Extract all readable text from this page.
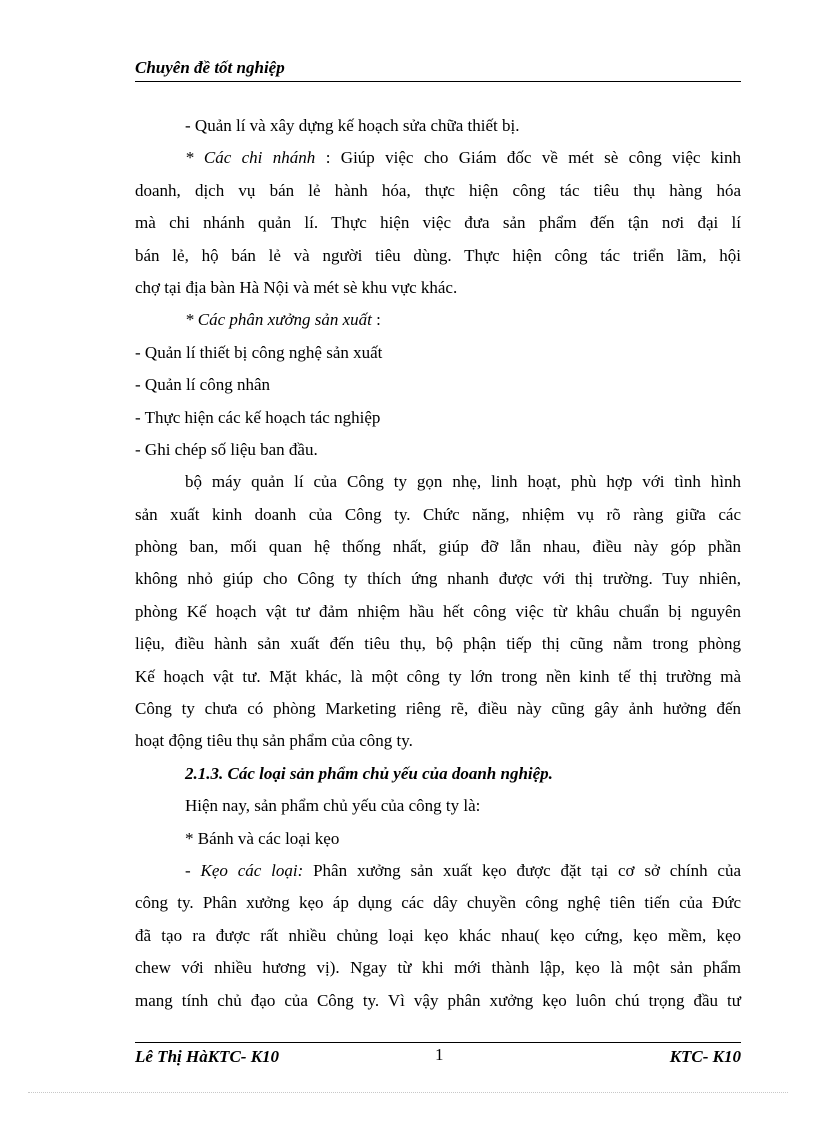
Chuyên đề tốt nghiệp
- Quản lí và xây dựng kế hoạch sửa chữa thiết bị.
* Các chi nhánh : Giúp việc cho Giám đốc về mét sè công việc kinh
doanh, dịch vụ bán lẻ hành hóa, thực hiện công tác tiêu thụ hàng hóa
mà chi nhánh quản lí. Thực hiện việc đưa sản phẩm đến tận nơi đại lí
bán lẻ, hộ bán lẻ và người tiêu dùng. Thực hiện công tác triển lãm, hội
chợ tại địa bàn Hà Nội và mét sè khu vực khác.
* Các phân xưởng sản xuất :
- Quản lí thiết bị công nghệ sản xuất
- Quản lí công nhân
- Thực hiện các kế hoạch tác nghiệp
- Ghi chép số liệu ban đầu.
bộ máy quản lí của Công ty gọn nhẹ, linh hoạt, phù hợp với tình hình
sản xuất kinh doanh của Công ty. Chức năng, nhiệm vụ rõ ràng giữa các
phòng ban, mối quan hệ thống nhất, giúp đỡ lẫn nhau, điều này góp phần
không nhỏ giúp cho Công ty thích ứng nhanh được với thị trường. Tuy nhiên,
phòng Kế hoạch vật tư đảm nhiệm hầu hết công việc từ khâu chuẩn bị nguyên
liệu, điều hành sản xuất đến tiêu thụ, bộ phận tiếp thị cũng nằm trong phòng
Kế hoạch vật tư. Mặt khác, là một công ty lớn trong nền kinh tế thị trường mà
Công ty chưa có phòng Marketing riêng rẽ, điều này cũng gây ảnh hưởng đến
hoạt động tiêu thụ sản phẩm của công ty.
2.1.3. Các loại sản phẩm chủ yếu của doanh nghiệp.
Hiện nay, sản phẩm chủ yếu của công ty là:
* Bánh và các loại kẹo
- Kẹo các loại: Phân xưởng sản xuất kẹo được đặt tại cơ sở chính của
công ty. Phân xưởng kẹo áp dụng các dây chuyền công nghệ tiên tiến của Đức
đã tạo ra được rất nhiều chủng loại kẹo khác nhau( kẹo cứng, kẹo mềm, kẹo
chew với nhiều hương vị). Ngay từ khi mới thành lập, kẹo là một sản phẩm
mang tính chủ đạo của Công ty. Vì vậy phân xưởng kẹo luôn chú trọng đầu tư
Lê Thị HàKTC- K10	1	KTC- K10
